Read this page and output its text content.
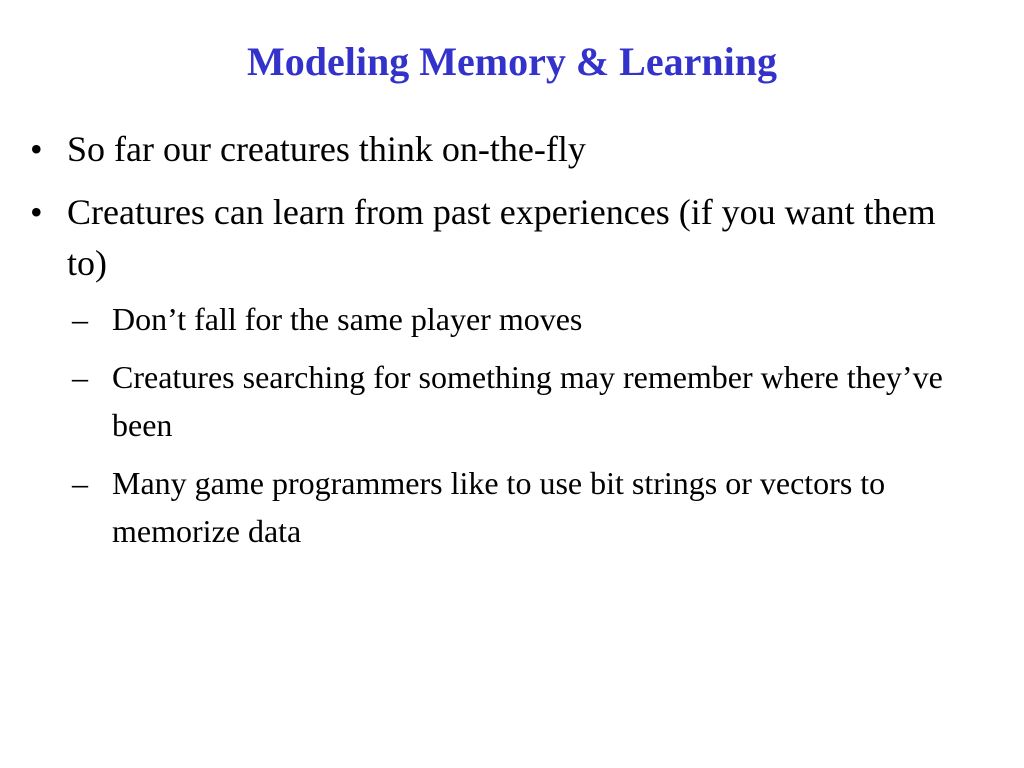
Modeling Memory & Learning
• So far our creatures think on-the-fly
• Creatures can learn from past experiences (if you want them to)
– Don’t fall for the same player moves
– Creatures searching for something may remember where they’ve been
– Many game programmers like to use bit strings or vectors to memorize data
